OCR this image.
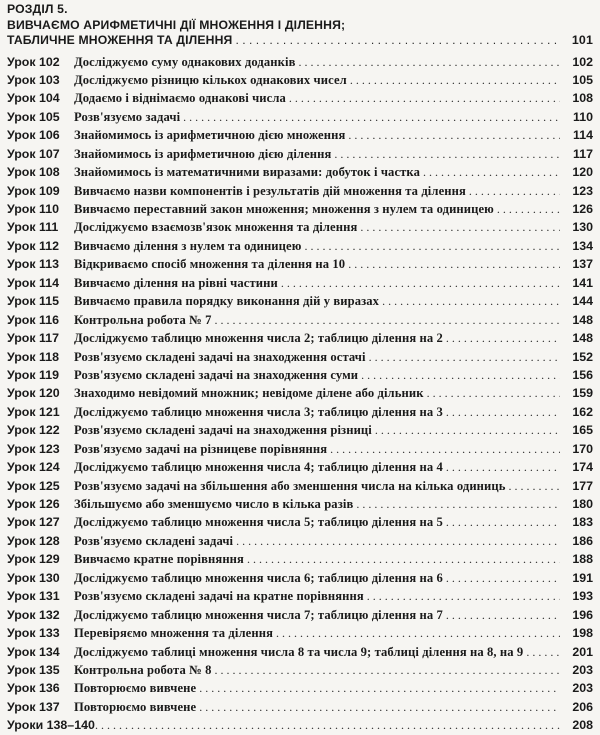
РОЗДІЛ 5.
ВИВЧАЄМО АРИФМЕТИЧНІ ДІЇ МНОЖЕННЯ І ДІЛЕННЯ;
ТАБЛИЧНЕ МНОЖЕННЯ ТА ДІЛЕННЯ . . .	101
Урок 102	Досліджуємо суму однакових доданків . . .	102
Урок 103	Досліджуємо різницю кількох однакових чисел . . .	105
Урок 104	Додаємо і віднімаємо однакові числа . . .	108
Урок 105	Розв'язуємо задачі . . .	110
Урок 106	Знайомимось із арифметичною дією множення . . .	114
Урок 107	Знайомимось із арифметичною дією ділення . . .	117
Урок 108	Знайомимось із математичними виразами: добуток і частка . . .	120
Урок 109	Вивчаємо назви компонентів і результатів дій множення та ділення . . .	123
Урок 110	Вивчаємо переставний закон множення; множення з нулем та одиницею . . .	126
Урок 111	Досліджуємо взаємозв'язок множення та ділення . . .	130
Урок 112	Вивчаємо ділення з нулем та одиницею . . .	134
Урок 113	Відкриваємо спосіб множення та ділення на 10 . . .	137
Урок 114	Вивчаємо ділення на рівні частини . . .	141
Урок 115	Вивчаємо правила порядку виконання дій у виразах . . .	144
Урок 116	Контрольна робота № 7 . . .	148
Урок 117	Досліджуємо таблицю множення числа 2; таблицю ділення на 2 . . .	148
Урок 118	Розв'язуємо складені задачі на знаходження остачі . . .	152
Урок 119	Розв'язуємо складені задачі на знаходження суми . . .	156
Урок 120	Знаходимо невідомий множник; невідоме ділене або дільник . . .	159
Урок 121	Досліджуємо таблицю множення числа 3; таблицю ділення на 3 . . .	162
Урок 122	Розв'язуємо складені задачі на знаходження різниці . . .	165
Урок 123	Розв'язуємо задачі на різницеве порівняння . . .	170
Урок 124	Досліджуємо таблицю множення числа 4; таблицю ділення на 4 . . .	174
Урок 125	Розв'язуємо задачі на збільшення або зменшення числа на кілька одиниць . . .	177
Урок 126	Збільшуємо або зменшуємо число в кілька разів . . .	180
Урок 127	Досліджуємо таблицю множення числа 5; таблицю ділення на 5 . . .	183
Урок 128	Розв'язуємо складені задачі . . .	186
Урок 129	Вивчаємо кратне порівняння . . .	188
Урок 130	Досліджуємо таблицю множення числа 6; таблицю ділення на 6 . . .	191
Урок 131	Розв'язуємо складені задачі на кратне порівняння . . .	193
Урок 132	Досліджуємо таблицю множення числа 7; таблицю ділення на 7 . . .	196
Урок 133	Перевіряємо множення та ділення . . .	198
Урок 134	Досліджуємо таблиці множення числа 8 та числа 9; таблиці ділення на 8, на 9 . . .	201
Урок 135	Контрольна робота № 8 . . .	203
Урок 136	Повторюємо вивчене . . .	203
Урок 137	Повторюємо вивчене . . .	206
Уроки 138–140 . . .	208
